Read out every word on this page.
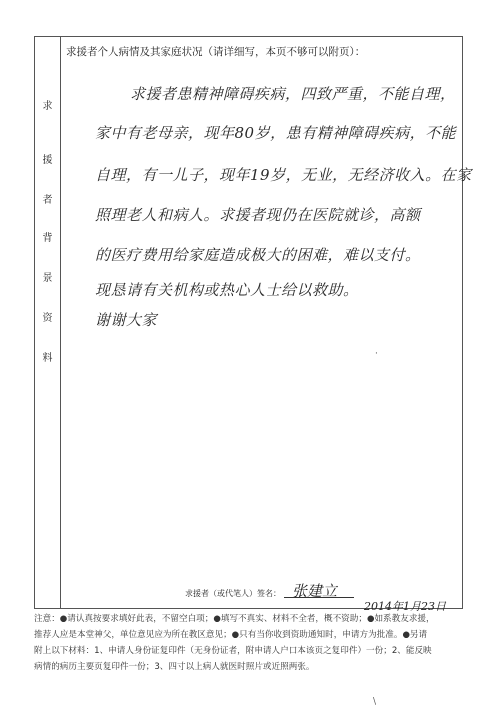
求
援
者
背
景
资
料
求援者个人病情及其家庭状况（请详细写，本页不够可以附页）：
求援者患精神障碍疾病，四致严重，不能自理，
家中有老母亲，现年80岁，患有精神障碍疾病，不能
自理，有一儿子，现年19岁，无业，无经济收入。在家
照理老人和病人。求援者现仍在医院就诊，高额
的医疗费用给家庭造成极大的困难，难以支付。
现恳请有关机构或热心人士给以救助。
谢谢大家
·
求援者（或代笔人）签名： 张建立
2014年1月23日

注意：●请认真按要求填好此表，不留空白项；●填写不真实、材料不全者，概不资助；●如系教友求援，

推荐人应是本堂神父，单位意见应为所在教区意见；●只有当你收到资助通知时，申请方为批准。●另请

附上以下材料：1、申请人身份证复印件（无身份证者，附申请人户口本该页之复印件）一份；2、能反映

病情的病历主要页复印件一份；3、四寸以上病人就医时照片或近照两张。

\
